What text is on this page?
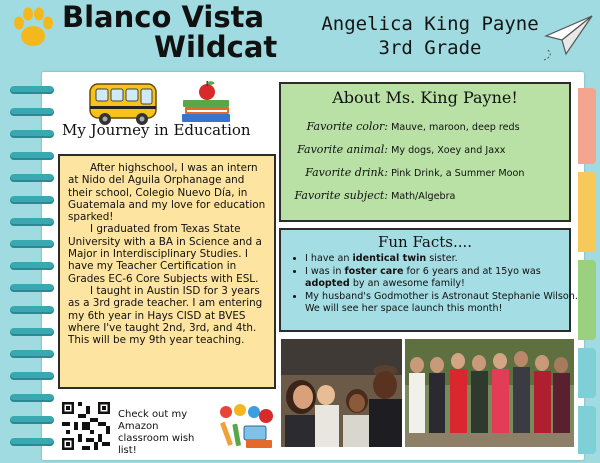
Blanco Vista
Wildcat
Angelica King Payne
3rd Grade
My Journey in Education

After highschool, I was an intern at Nido del Aguila Orphanage and their school, Colegio Nuevo Día, in Guatemala and my love for education sparked!

I graduated from Texas State University with a BA in Science and a Major in Interdisciplinary Studies. I have my Teacher Certification in Grades EC-6 Core Subjects with ESL.

I taught in Austin ISD for 3 years as a 3rd grade teacher. I am entering my 6th year in Hays CISD at BVES where I've taught 2nd, 3rd, and 4th. This will be my 9th year teaching.

About Ms. King Payne!
Favorite color: Mauve, maroon, deep reds
Favorite animal: My dogs, Xoey and Jaxx
Favorite drink: Pink Drink, a Summer Moon
Favorite subject: Math/Algebra
Fun Facts....
• I have an identical twin sister.
• I was in foster care for 6 years and at 15yo was adopted by an awesome family!
• My husband's Godmother is Astronaut Stephanie Wilson. We will see her space launch this month!
Check out my Amazon classroom wish list!
